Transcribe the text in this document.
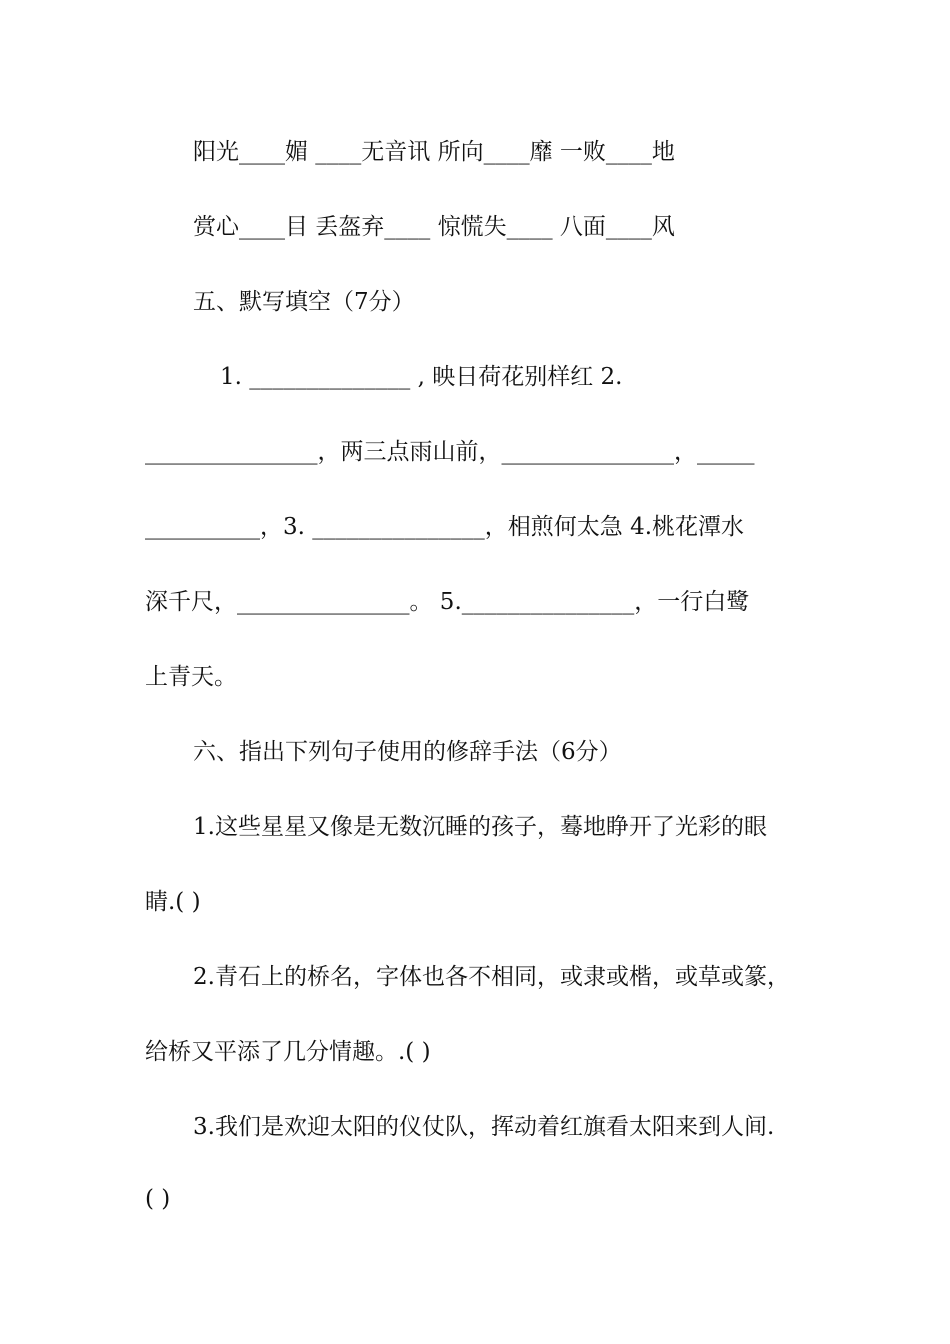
阳光____媚 ____无音讯 所向____靡 一败____地
赏心____目 丢盔弃____ 惊慌失____ 八面____风
五、默写填空（7分）
1. ______________ , 映日荷花别样红 2.
_______________，两三点雨山前，_______________，_____
__________，3. _______________，相煎何太急 4.桃花潭水
深千尺，_______________。 5._______________，一行白鹭
上青天。
六、指出下列句子使用的修辞手法（6分）
1.这些星星又像是无数沉睡的孩子，蓦地睁开了光彩的眼
睛.( )
2.青石上的桥名，字体也各不相同，或隶或楷，或草或篆，
给桥又平添了几分情趣。.( )
3.我们是欢迎太阳的仪仗队，挥动着红旗看太阳来到人间.
( )
